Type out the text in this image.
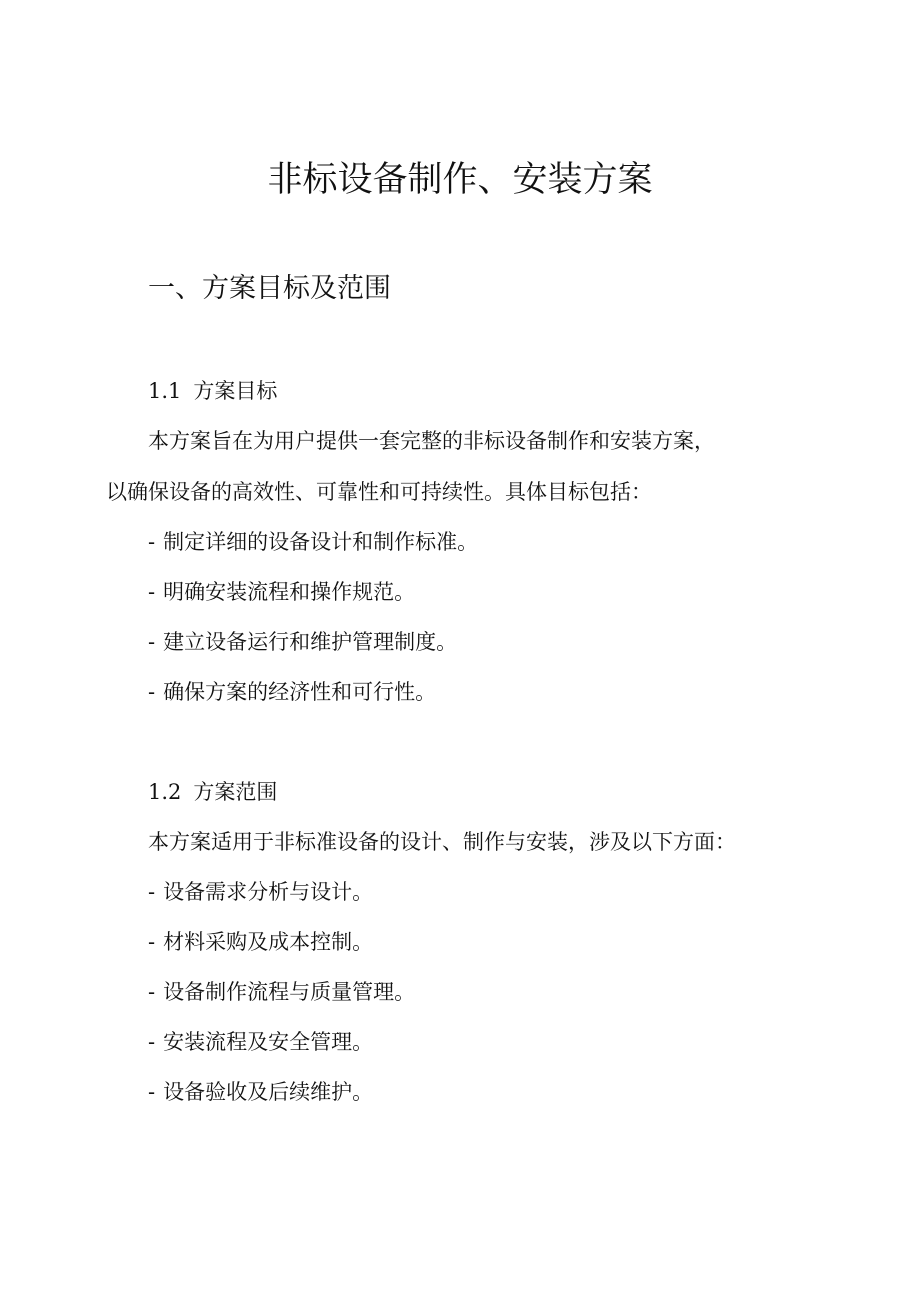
非标设备制作、安装方案
一、方案目标及范围

1.1 方案目标

本方案旨在为用户提供一套完整的非标设备制作和安装方案，

以确保设备的高效性、可靠性和可持续性。具体目标包括：

- 制定详细的设备设计和制作标准。

- 明确安装流程和操作规范。

- 建立设备运行和维护管理制度。

- 确保方案的经济性和可行性。

1.2 方案范围

本方案适用于非标准设备的设计、制作与安装，涉及以下方面：

- 设备需求分析与设计。

- 材料采购及成本控制。

- 设备制作流程与质量管理。

- 安装流程及安全管理。

- 设备验收及后续维护。
